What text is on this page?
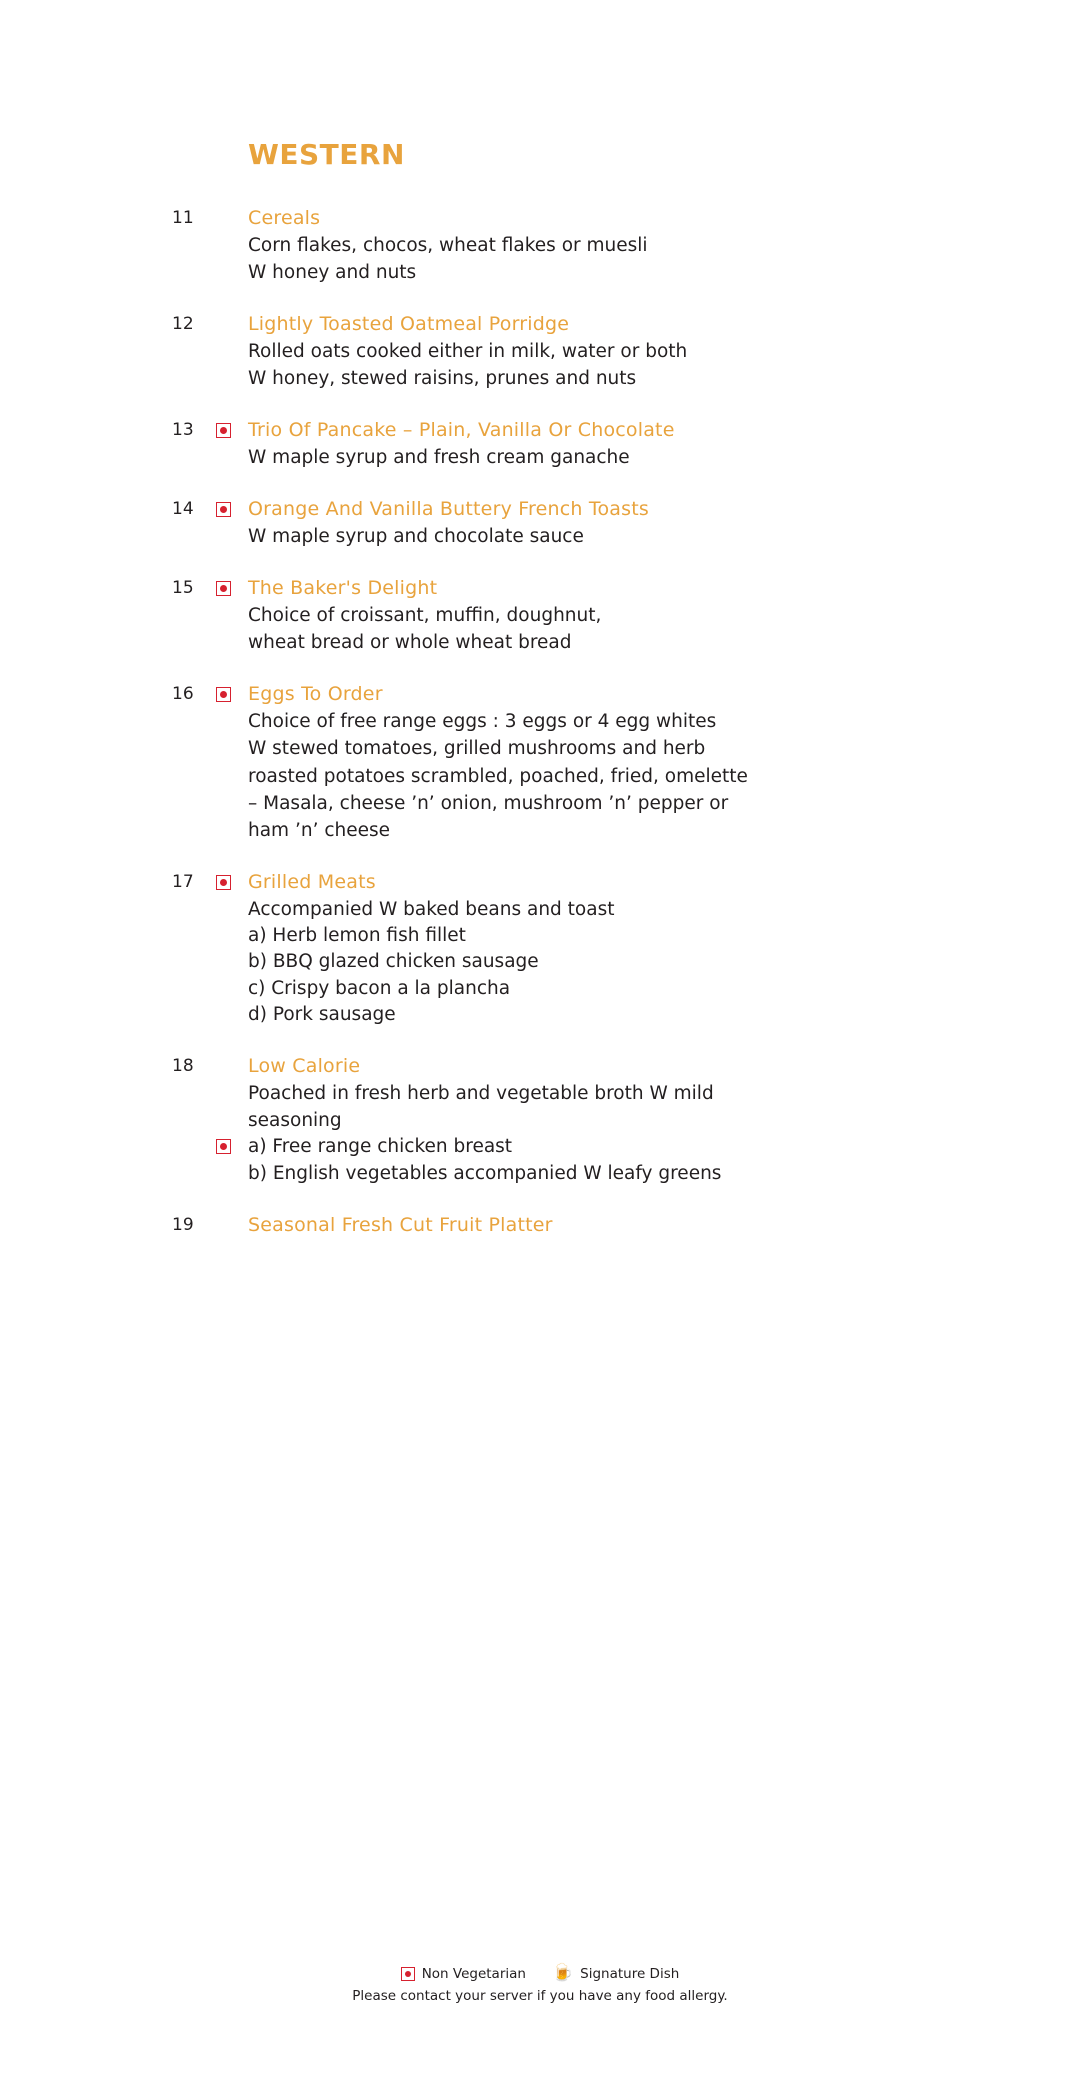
WESTERN
11	Cereals
Corn flakes, chocos, wheat flakes or muesli
W honey and nuts
12	Lightly Toasted Oatmeal Porridge
Rolled oats cooked either in milk, water or both
W honey, stewed raisins, prunes and nuts
13	Trio Of Pancake – Plain, Vanilla Or Chocolate
W maple syrup and fresh cream ganache
14	Orange And Vanilla Buttery French Toasts
W maple syrup and chocolate sauce
15	The Baker's Delight
Choice of croissant, muffin, doughnut,
wheat bread or whole wheat bread
16	Eggs To Order
Choice of free range eggs : 3 eggs or 4 egg whites
W stewed tomatoes, grilled mushrooms and herb
roasted potatoes scrambled, poached, fried, omelette
– Masala, cheese ’n’ onion, mushroom ’n’ pepper or
ham ’n’ cheese
17	Grilled Meats
Accompanied W baked beans and toast
a) Herb lemon fish fillet
b) BBQ glazed chicken sausage
c) Crispy bacon a la plancha
d) Pork sausage
18	Low Calorie
Poached in fresh herb and vegetable broth W mild
seasoning
a) Free range chicken breast
b) English vegetables accompanied W leafy greens
19	Seasonal Fresh Cut Fruit Platter
Non Vegetarian 🍺 Signature Dish
Please contact your server if you have any food allergy.
